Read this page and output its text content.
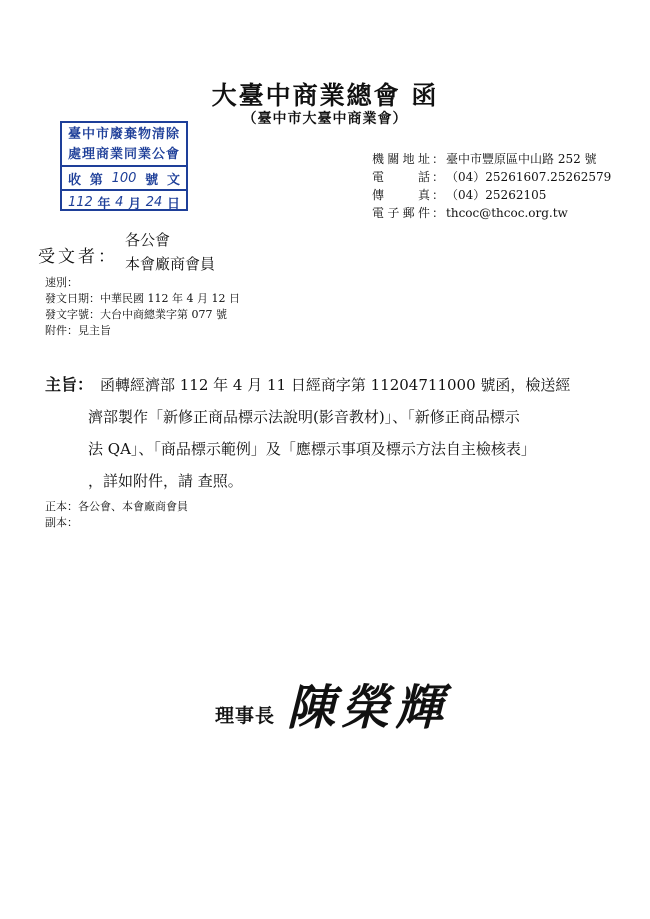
大臺中商業總會 函
（臺中市大臺中商業會）
臺中市廢棄物清除
處理商業同業公會
收 第 100 號 文
112 年 4 月 24 日
機關地址 ： 臺中市豐原區中山路 252 號
電　　話 ： （04）25261607.25262579
傳　　真 ： （04）25262105
電子郵件 ： thcoc@thcoc.org.tw
受文者：
各公會
本會廠商會員
速別：
發文日期：中華民國 112 年 4 月 12 日
發文字號：大台中商總業字第 077 號
附件：見主旨
主旨： 函轉經濟部 112 年 4 月 11 日經商字第 11204711000 號函，檢送經
濟部製作「新修正商品標示法說明(影音教材)」、「新修正商品標示
法 QA」、「商品標示範例」及「應標示事項及標示方法自主檢核表」
，詳如附件，請 查照。
正本：各公會、本會廠商會員
副本：
理事長 陳榮輝
